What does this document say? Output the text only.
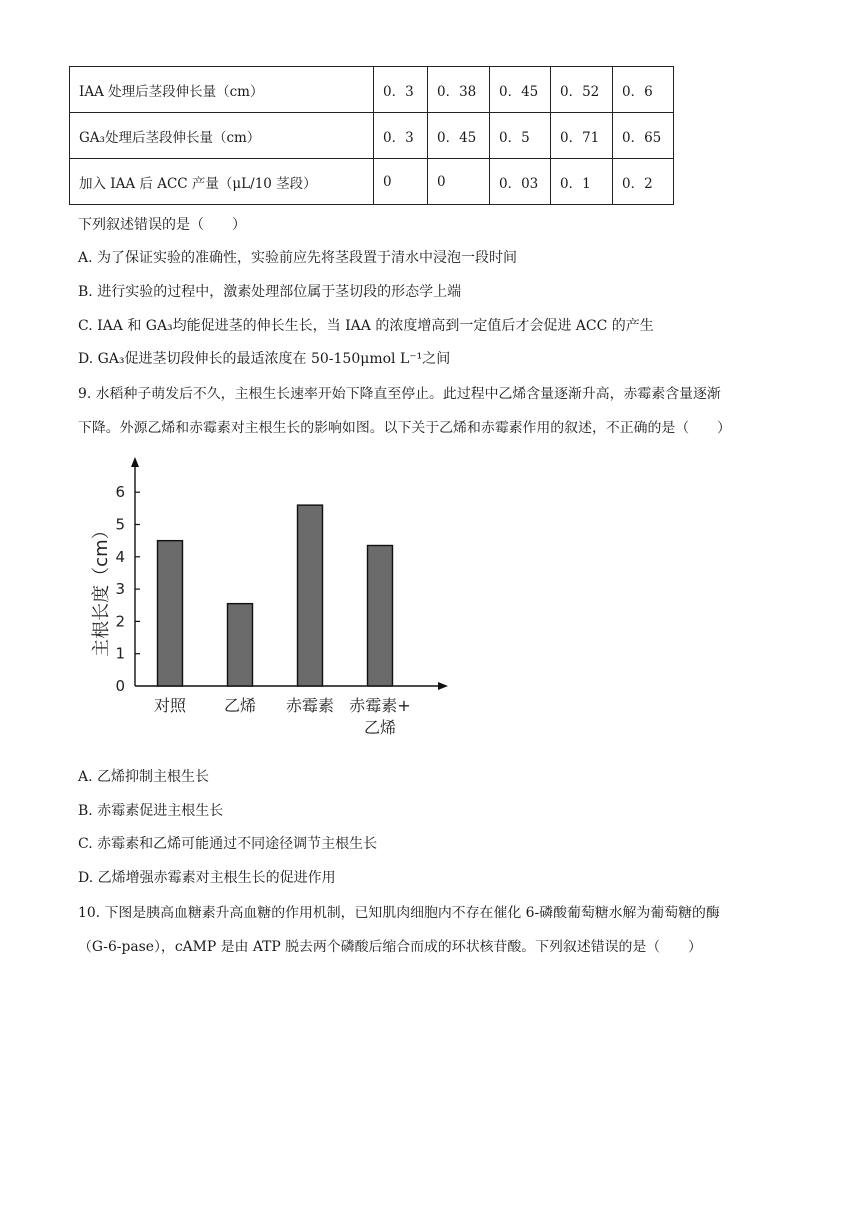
IAA 处理后茎段伸长量（cm）	0．3	0．38	0．45	0．52	0．6
GA₃处理后茎段伸长量（cm）	0．3	0．45	0．5	0．71	0．65
加入 IAA 后 ACC 产量（μL/10 茎段）	0	0	0．03	0．1	0．2
下列叙述错误的是（　　）
A. 为了保证实验的准确性，实验前应先将茎段置于清水中浸泡一段时间
B. 进行实验的过程中，激素处理部位属于茎切段的形态学上端
C. IAA 和 GA₃均能促进茎的伸长生长，当 IAA 的浓度增高到一定值后才会促进 ACC 的产生
D. GA₃促进茎切段伸长的最适浓度在 50-150μmol L⁻¹之间
9. 水稻种子萌发后不久，主根生长速率开始下降直至停止。此过程中乙烯含量逐渐升高，赤霉素含量逐渐
下降。外源乙烯和赤霉素对主根生长的影响如图。以下关于乙烯和赤霉素作用的叙述，不正确的是（　　）
0
1
2
3
4
5
6
对照 乙烯 赤霉素 赤霉素+
乙烯
主根长度（cm）
A. 乙烯抑制主根生长
B. 赤霉素促进主根生长
C. 赤霉素和乙烯可能通过不同途径调节主根生长
D. 乙烯增强赤霉素对主根生长的促进作用
10. 下图是胰高血糖素升高血糖的作用机制，已知肌肉细胞内不存在催化 6-磷酸葡萄糖水解为葡萄糖的酶
（G-6-pase），cAMP 是由 ATP 脱去两个磷酸后缩合而成的环状核苷酸。下列叙述错误的是（　　）
